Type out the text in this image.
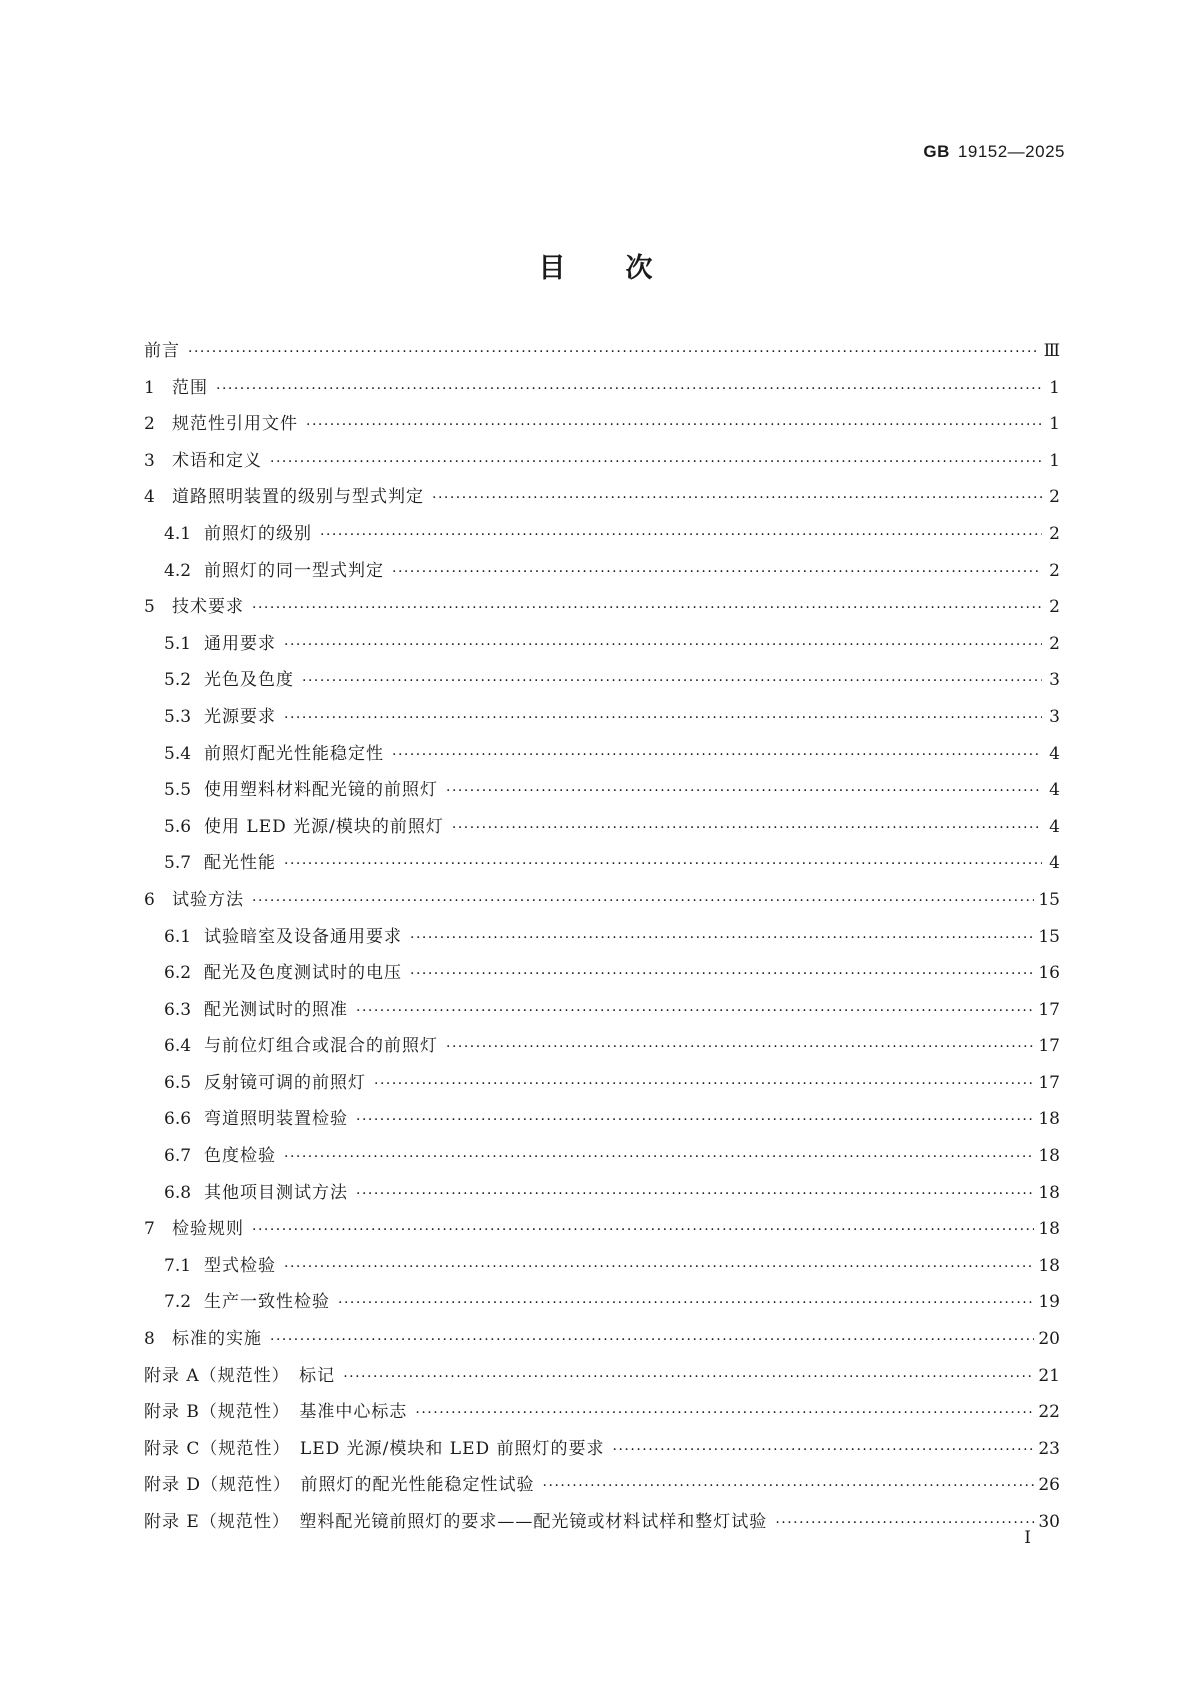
GB 19152—2025
目次
前言 ·····	Ⅲ
1	范围 ·····	1
2	规范性引用文件 ·····	1
3	术语和定义 ·····	1
4	道路照明装置的级别与型式判定 ·····	2
4.1 前照灯的级别 ·····	2
4.2 前照灯的同一型式判定 ·····	2
5	技术要求 ·····	2
5.1 通用要求 ·····	2
5.2 光色及色度 ·····	3
5.3 光源要求 ·····	3
5.4 前照灯配光性能稳定性 ·····	4
5.5 使用塑料材料配光镜的前照灯 ·····	4
5.6 使用 LED 光源/模块的前照灯 ·····	4
5.7 配光性能 ·····	4
6	试验方法 ·····	15
6.1 试验暗室及设备通用要求 ·····	15
6.2 配光及色度测试时的电压 ·····	16
6.3 配光测试时的照准 ·····	17
6.4 与前位灯组合或混合的前照灯 ·····	17
6.5 反射镜可调的前照灯 ·····	17
6.6 弯道照明装置检验 ·····	18
6.7 色度检验 ·····	18
6.8 其他项目测试方法 ·····	18
7	检验规则 ·····	18
7.1 型式检验 ·····	18
7.2 生产一致性检验 ·····	19
8	标准的实施 ·····	20
附录 A（规范性）　标记 ·····	21
附录 B（规范性）　基准中心标志 ·····	22
附录 C（规范性）　LED 光源/模块和 LED 前照灯的要求 ·····	23
附录 D（规范性）　前照灯的配光性能稳定性试验 ·····	26
附录 E（规范性）　塑料配光镜前照灯的要求——配光镜或材料试样和整灯试验 ·····	30
I
